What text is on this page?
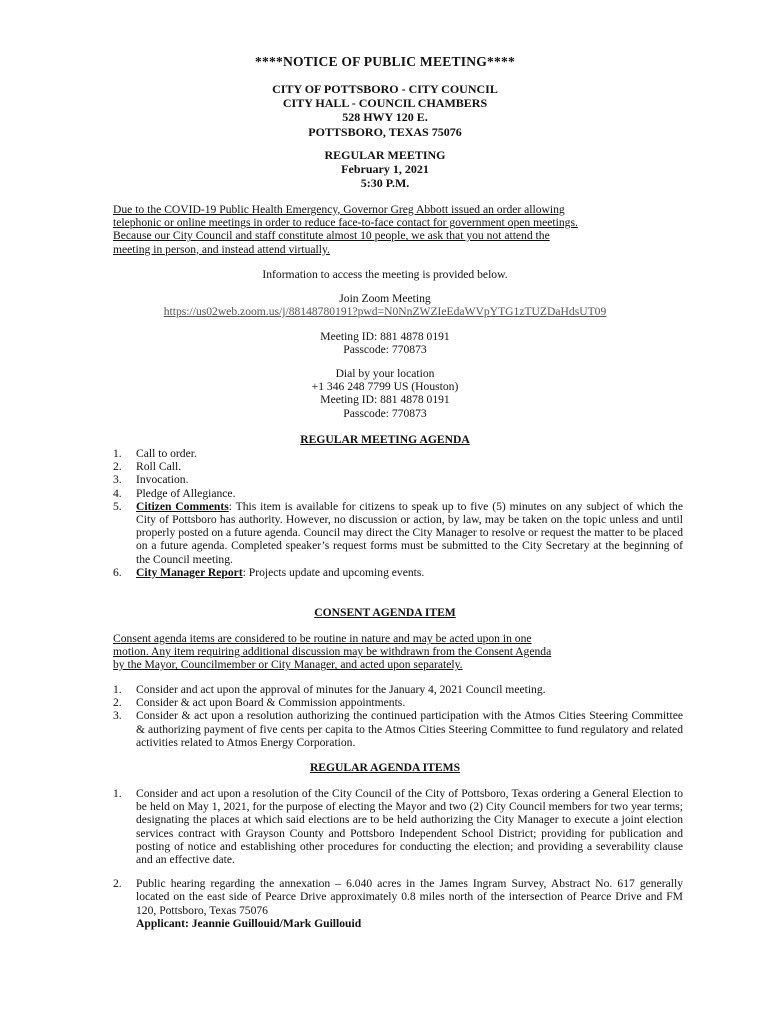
****NOTICE OF PUBLIC MEETING****
CITY OF POTTSBORO - CITY COUNCIL
CITY HALL - COUNCIL CHAMBERS
528 HWY 120 E.
POTTSBORO, TEXAS 75076
REGULAR MEETING
February 1, 2021
5:30 P.M.
Due to the COVID-19 Public Health Emergency, Governor Greg Abbott issued an order allowing
telephonic or online meetings in order to reduce face-to-face contact for government open meetings.
Because our City Council and staff constitute almost 10 people, we ask that you not attend the
meeting in person, and instead attend virtually.
Information to access the meeting is provided below.
Join Zoom Meeting
https://us02web.zoom.us/j/88148780191?pwd=N0NnZWZIeEdaWVpYTG1zTUZDaHdsUT09
Meeting ID: 881 4878 0191
Passcode: 770873
Dial by your location
+1 346 248 7799 US (Houston)
Meeting ID: 881 4878 0191
Passcode: 770873
REGULAR MEETING AGENDA
1. Call to order.
2. Roll Call.
3. Invocation.
4. Pledge of Allegiance.
5. Citizen Comments: This item is available for citizens to speak up to five (5) minutes on any subject of which the City of Pottsboro has authority. However, no discussion or action, by law, may be taken on the topic unless and until properly posted on a future agenda. Council may direct the City Manager to resolve or request the matter to be placed on a future agenda. Completed speaker’s request forms must be submitted to the City Secretary at the beginning of the Council meeting.
6. City Manager Report: Projects update and upcoming events.
CONSENT AGENDA ITEM
Consent agenda items are considered to be routine in nature and may be acted upon in one
motion. Any item requiring additional discussion may be withdrawn from the Consent Agenda
by the Mayor, Councilmember or City Manager, and acted upon separately.
1. Consider and act upon the approval of minutes for the January 4, 2021 Council meeting.
2. Consider & act upon Board & Commission appointments.
3. Consider & act upon a resolution authorizing the continued participation with the Atmos Cities Steering Committee & authorizing payment of five cents per capita to the Atmos Cities Steering Committee to fund regulatory and related activities related to Atmos Energy Corporation.
REGULAR AGENDA ITEMS
1. Consider and act upon a resolution of the City Council of the City of Pottsboro, Texas ordering a General Election to be held on May 1, 2021, for the purpose of electing the Mayor and two (2) City Council members for two year terms; designating the places at which said elections are to be held authorizing the City Manager to execute a joint election services contract with Grayson County and Pottsboro Independent School District; providing for publication and posting of notice and establishing other procedures for conducting the election; and providing a severability clause and an effective date.
2. Public hearing regarding the annexation – 6.040 acres in the James Ingram Survey, Abstract No. 617 generally located on the east side of Pearce Drive approximately 0.8 miles north of the intersection of Pearce Drive and FM 120, Pottsboro, Texas 75076
Applicant: Jeannie Guillouid/Mark Guillouid
